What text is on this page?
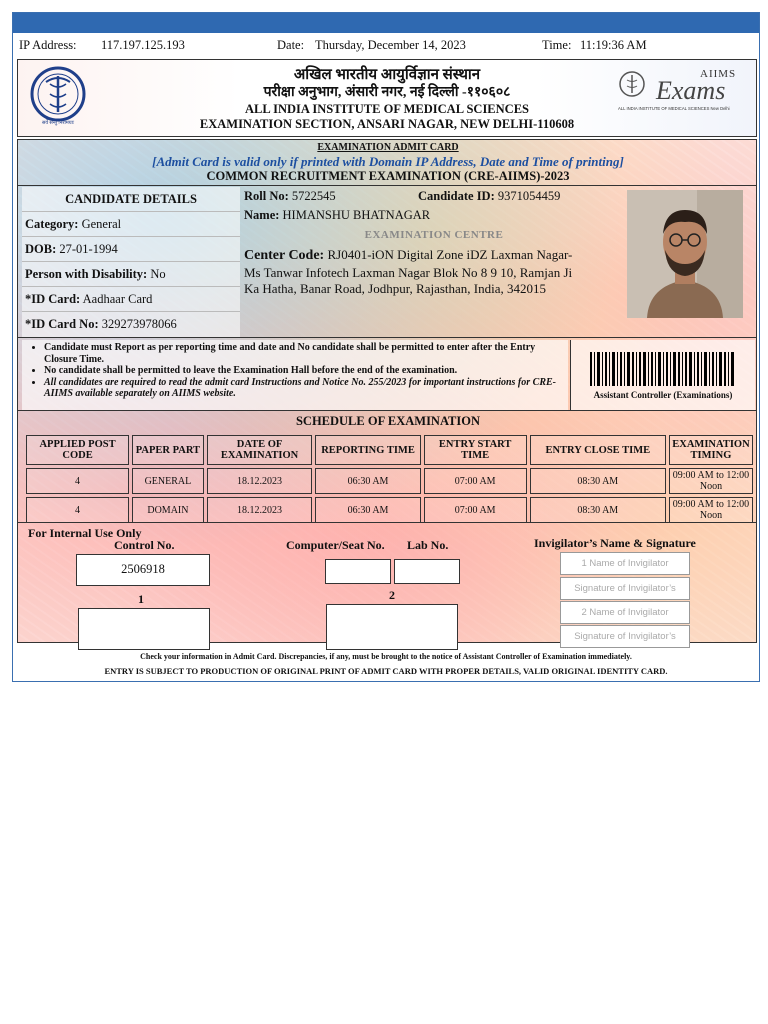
IP Address: 117.197.125.193	Date: Thursday, December 14, 2023	Time: 11:19:36 AM
सर्वे सन्तु निरामयाः
अखिल भारतीय आयुर्विज्ञान संस्थान
परीक्षा अनुभाग, अंसारी नगर, नई दिल्ली -११०६०८
ALL INDIA INSTITUTE OF MEDICAL SCIENCES
EXAMINATION SECTION, ANSARI NAGAR, NEW DELHI-110608
AIIMS
Exams
ALL INDIA INSTITUTE OF MEDICAL SCIENCES New Delhi
EXAMINATION ADMIT CARD
[Admit Card is valid only if printed with Domain IP Address, Date and Time of printing]
COMMON RECRUITMENT EXAMINATION (CRE-AIIMS)-2023
CANDIDATE DETAILS
Category: General
DOB: 27-01-1994
Person with Disability: No
*ID Card: Aadhaar Card
*ID Card No: 329273978066
Roll No: 5722545	Candidate ID: 9371054459
Name: HIMANSHU BHATNAGAR
EXAMINATION CENTRE
Center Code: RJ0401-iON Digital Zone iDZ Laxman Nagar-
Ms Tanwar Infotech Laxman Nagar Blok No 8 9 10, Ramjan Ji
Ka Hatha, Banar Road, Jodhpur, Rajasthan, India, 342015
• Candidate must Report as per reporting time and date and No candidate shall be permitted to enter after the Entry Closure Time.
• No candidate shall be permitted to leave the Examination Hall before the end of the examination.
• All candidates are required to read the admit card Instructions and Notice No. 255/2023 for important instructions for CRE-AIIMS available separately on AIIMS website.	Assistant Controller (Examinations)
SCHEDULE OF EXAMINATION
APPLIED POST CODE	PAPER PART	DATE OF EXAMINATION	REPORTING TIME	ENTRY START TIME	ENTRY CLOSE TIME	EXAMINATION TIMING
4	GENERAL	18.12.2023	06:30 AM	07:00 AM	08:30 AM	09:00 AM to 12:00 Noon
4	DOMAIN	18.12.2023	06:30 AM	07:00 AM	08:30 AM	09:00 AM to 12:00 Noon
For Internal Use Only
Control No.
2506918
1
Computer/Seat No. Lab No.
2
Invigilator’s Name & Signature
1 Name of Invigilator
Signature of Invigilator’s
2 Name of Invigilator
Signature of Invigilator’s
Check your information in Admit Card. Discrepancies, if any, must be brought to the notice of Assistant Controller of Examination immediately.
ENTRY IS SUBJECT TO PRODUCTION OF ORIGINAL PRINT OF ADMIT CARD WITH PROPER DETAILS, VALID ORIGINAL IDENTITY CARD.
